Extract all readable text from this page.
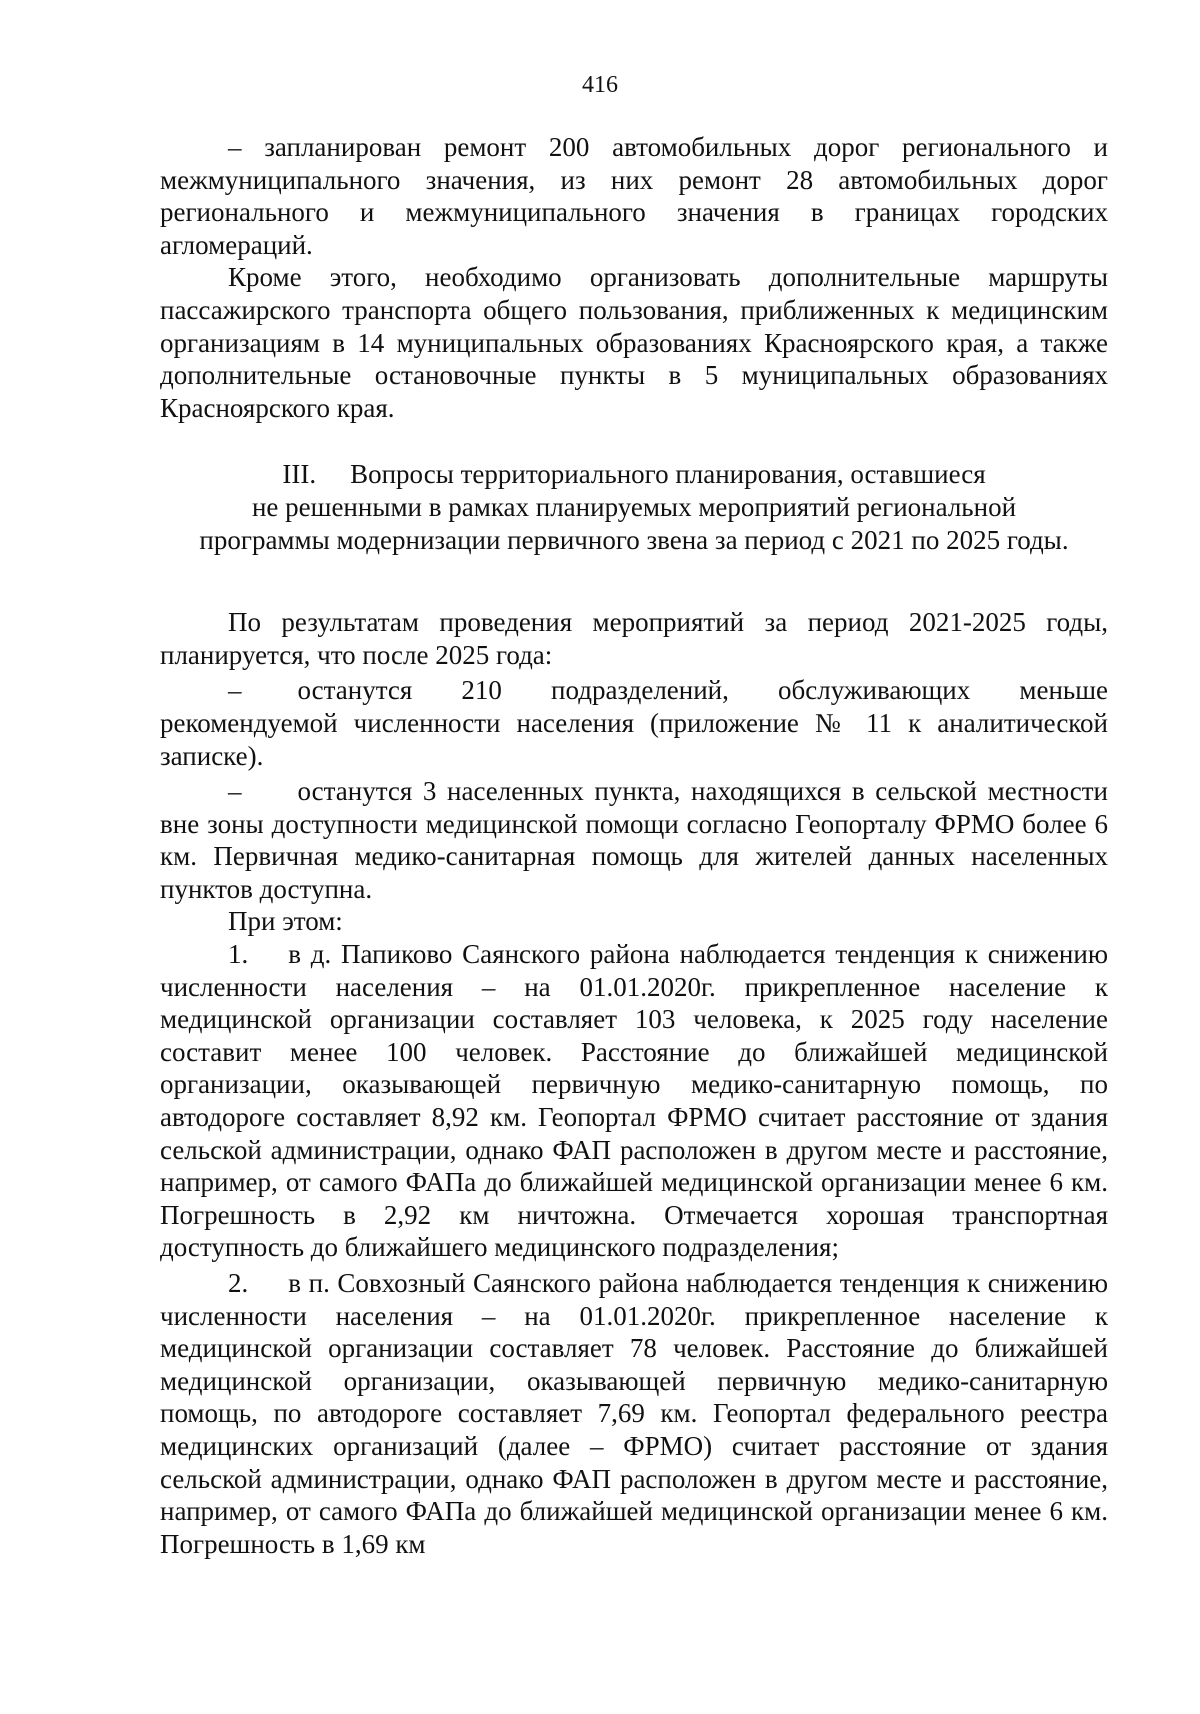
416

– запланирован ремонт 200 автомобильных дорог регионального и межмуниципального значения, из них ремонт 28 автомобильных дорог регионального и межмуниципального значения в границах городских агломераций.

Кроме этого, необходимо организовать дополнительные маршруты пассажирского транспорта общего пользования, приближенных к медицинским организациям в 14 муниципальных образованиях Красноярского края, а также дополнительные остановочные пункты в 5 муниципальных образованиях Красноярского края.

III. Вопросы территориального планирования, оставшиеся
не решенными в рамках планируемых мероприятий региональной
программы модернизации первичного звена за период с 2021 по 2025 годы.

По результатам проведения мероприятий за период 2021-2025 годы, планируется, что после 2025 года:

– останутся 210 подразделений, обслуживающих меньше рекомендуемой численности населения (приложение № 11 к аналитической записке).

– останутся 3 населенных пункта, находящихся в сельской местности вне зоны доступности медицинской помощи согласно Геопорталу ФРМО более 6 км. Первичная медико-санитарная помощь для жителей данных населенных пунктов доступна.

При этом:

1. в д. Папиково Саянского района наблюдается тенденция к снижению численности населения – на 01.01.2020г. прикрепленное население к медицинской организации составляет 103 человека, к 2025 году население составит менее 100 человек. Расстояние до ближайшей медицинской организации, оказывающей первичную медико-санитарную помощь, по автодороге составляет 8,92 км. Геопортал ФРМО считает расстояние от здания сельской администрации, однако ФАП расположен в другом месте и расстояние, например, от самого ФАПа до ближайшей медицинской организации менее 6 км. Погрешность в 2,92 км ничтожна. Отмечается хорошая транспортная доступность до ближайшего медицинского подразделения;

2. в п. Совхозный Саянского района наблюдается тенденция к снижению численности населения – на 01.01.2020г. прикрепленное население к медицинской организации составляет 78 человек. Расстояние до ближайшей медицинской организации, оказывающей первичную медико-санитарную помощь, по автодороге составляет 7,69 км. Геопортал федерального реестра медицинских организаций (далее – ФРМО) считает расстояние от здания сельской администрации, однако ФАП расположен в другом месте и расстояние, например, от самого ФАПа до ближайшей медицинской организации менее 6 км. Погрешность в 1,69 км
